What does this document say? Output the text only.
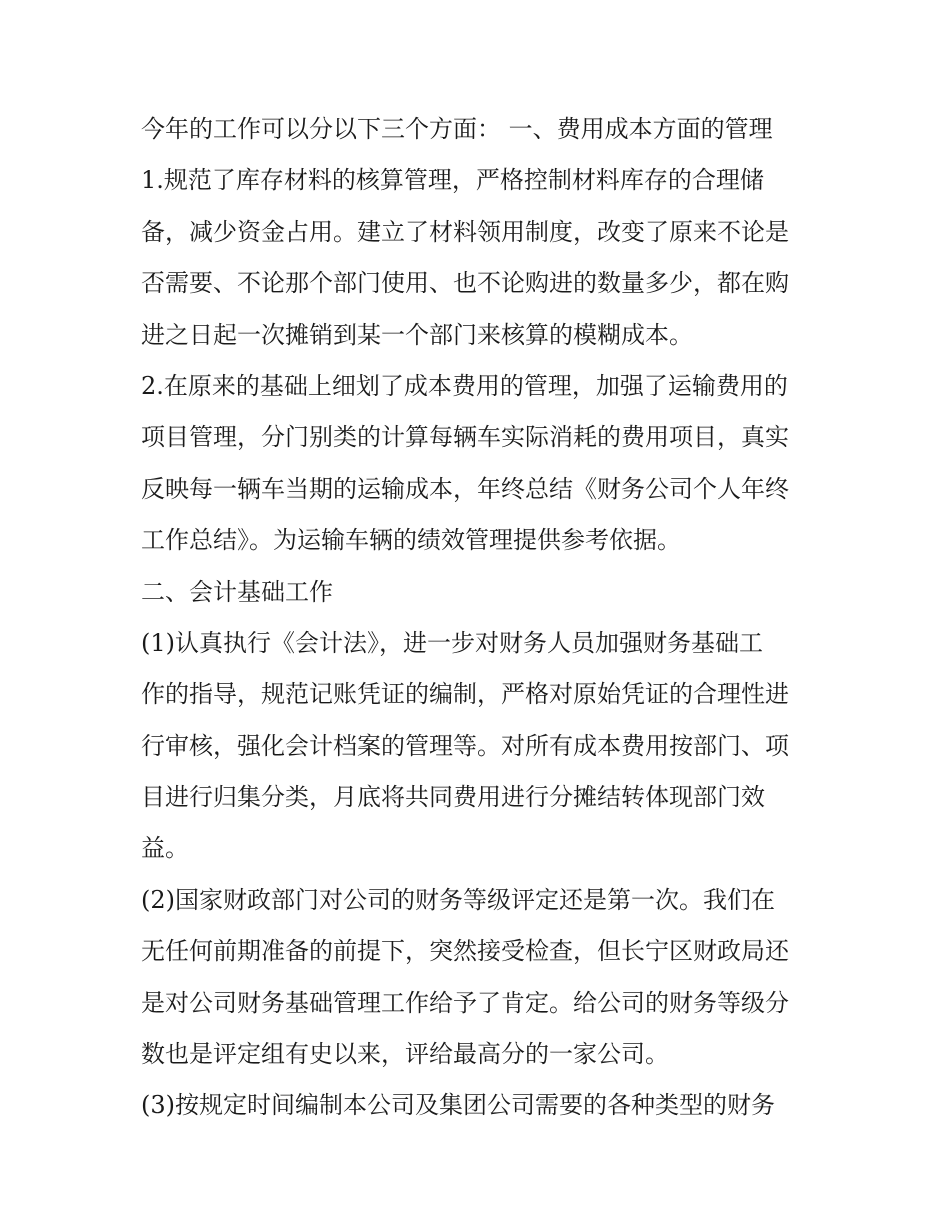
今年的工作可以分以下三个方面： 一、费用成本方面的管理
1.规范了库存材料的核算管理，严格控制材料库存的合理储
备，减少资金占用。建立了材料领用制度，改变了原来不论是
否需要、不论那个部门使用、也不论购进的数量多少，都在购
进之日起一次摊销到某一个部门来核算的模糊成本。
2.在原来的基础上细划了成本费用的管理，加强了运输费用的
项目管理，分门别类的计算每辆车实际消耗的费用项目，真实
反映每一辆车当期的运输成本，年终总结《财务公司个人年终
工作总结》。为运输车辆的绩效管理提供参考依据。
二、会计基础工作
(1)认真执行《会计法》，进一步对财务人员加强财务基础工
作的指导，规范记账凭证的编制，严格对原始凭证的合理性进
行审核，强化会计档案的管理等。对所有成本费用按部门、项
目进行归集分类，月底将共同费用进行分摊结转体现部门效
益。
(2)国家财政部门对公司的财务等级评定还是第一次。我们在
无任何前期准备的前提下，突然接受检查，但长宁区财政局还
是对公司财务基础管理工作给予了肯定。给公司的财务等级分
数也是评定组有史以来，评给最高分的一家公司。
(3)按规定时间编制本公司及集团公司需要的各种类型的财务
